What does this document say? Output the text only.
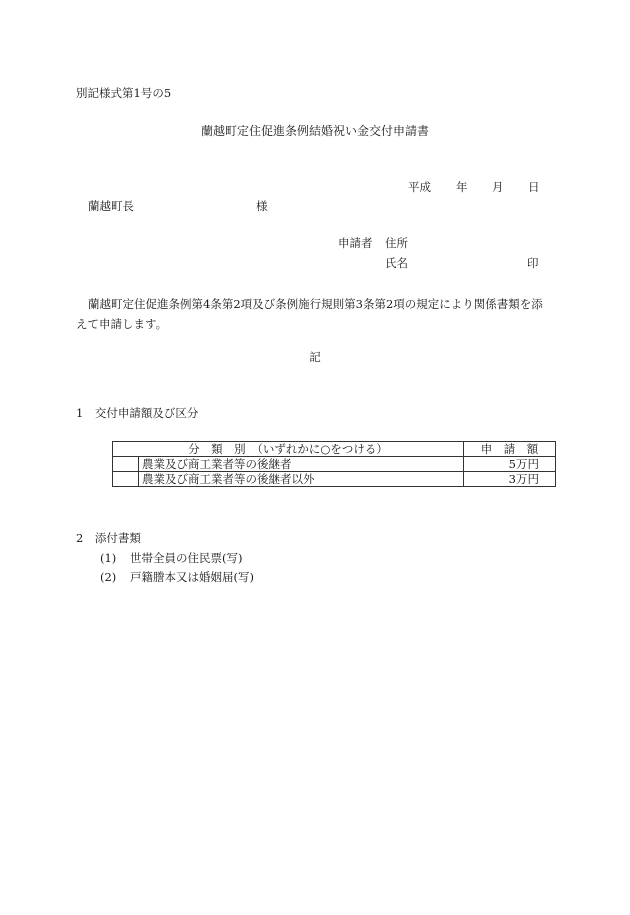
別記様式第1号の5
蘭越町定住促進条例結婚祝い金交付申請書
平成 年 月 日
蘭越町長	様
申請者 住所
氏名	印
蘭越町定住促進条例第4条第2項及び条例施行規則第3条第2項の規定により関係書類を添えて申請します。
記
1　交付申請額及び区分
分　類　別　（いずれかに○をつける）		申　請　額
	農業及び商工業者等の後継者	5万円
	農業及び商工業者等の後継者以外	3万円
2　添付書類
(1) 世帯全員の住民票(写)
(2) 戸籍謄本又は婚姻届(写)
